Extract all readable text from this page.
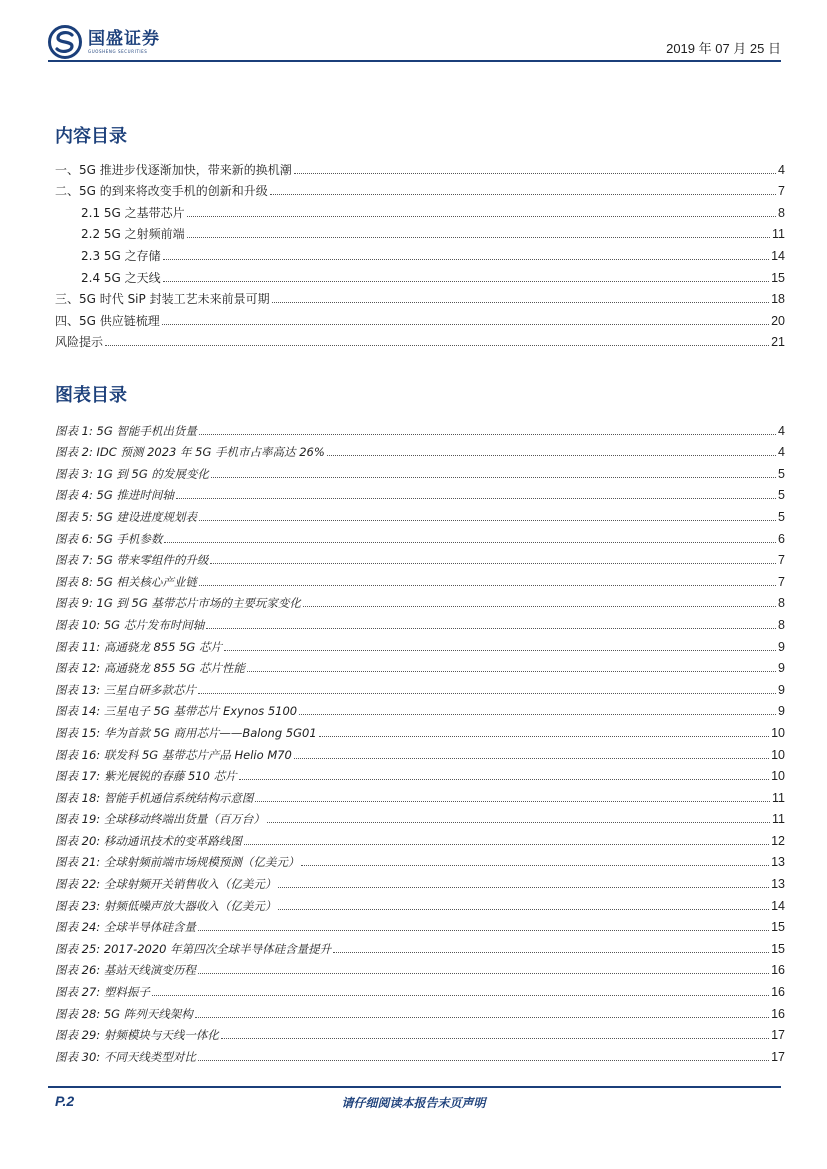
国盛证券
GUOSHENG SECURITIES	2019 年 07 月 25 日
内容目录
一、5G 推进步伐逐渐加快，带来新的换机潮	4
二、5G 的到来将改变手机的创新和升级	7
2.1 5G 之基带芯片	8
2.2 5G 之射频前端	11
2.3 5G 之存储	14
2.4 5G 之天线	15
三、5G 时代 SiP 封装工艺未来前景可期	18
四、5G 供应链梳理	20
风险提示	21
图表目录
图表 1: 5G 智能手机出货量	4
图表 2: IDC 预测 2023 年 5G 手机市占率高达 26%	4
图表 3: 1G 到 5G 的发展变化	5
图表 4: 5G 推进时间轴	5
图表 5: 5G 建设进度规划表	5
图表 6: 5G 手机参数	6
图表 7: 5G 带来零组件的升级	7
图表 8: 5G 相关核心产业链	7
图表 9: 1G 到 5G 基带芯片市场的主要玩家变化	8
图表 10: 5G 芯片发布时间轴	8
图表 11: 高通骁龙 855 5G 芯片	9
图表 12: 高通骁龙 855 5G 芯片性能	9
图表 13: 三星自研多款芯片	9
图表 14: 三星电子 5G 基带芯片 Exynos 5100	9
图表 15: 华为首款 5G 商用芯片——Balong 5G01	10
图表 16: 联发科 5G 基带芯片产品 Helio M70	10
图表 17: 紫光展锐的春藤 510 芯片	10
图表 18: 智能手机通信系统结构示意图	11
图表 19: 全球移动终端出货量（百万台）	11
图表 20: 移动通讯技术的变革路线图	12
图表 21: 全球射频前端市场规模预测（亿美元）	13
图表 22: 全球射频开关销售收入（亿美元）	13
图表 23: 射频低噪声放大器收入（亿美元）	14
图表 24: 全球半导体硅含量	15
图表 25: 2017-2020 年第四次全球半导体硅含量提升	15
图表 26: 基站天线演变历程	16
图表 27: 塑料振子	16
图表 28: 5G 阵列天线架构	16
图表 29: 射频模块与天线一体化	17
图表 30: 不同天线类型对比	17
请仔细阅读本报告末页声明
P.2
